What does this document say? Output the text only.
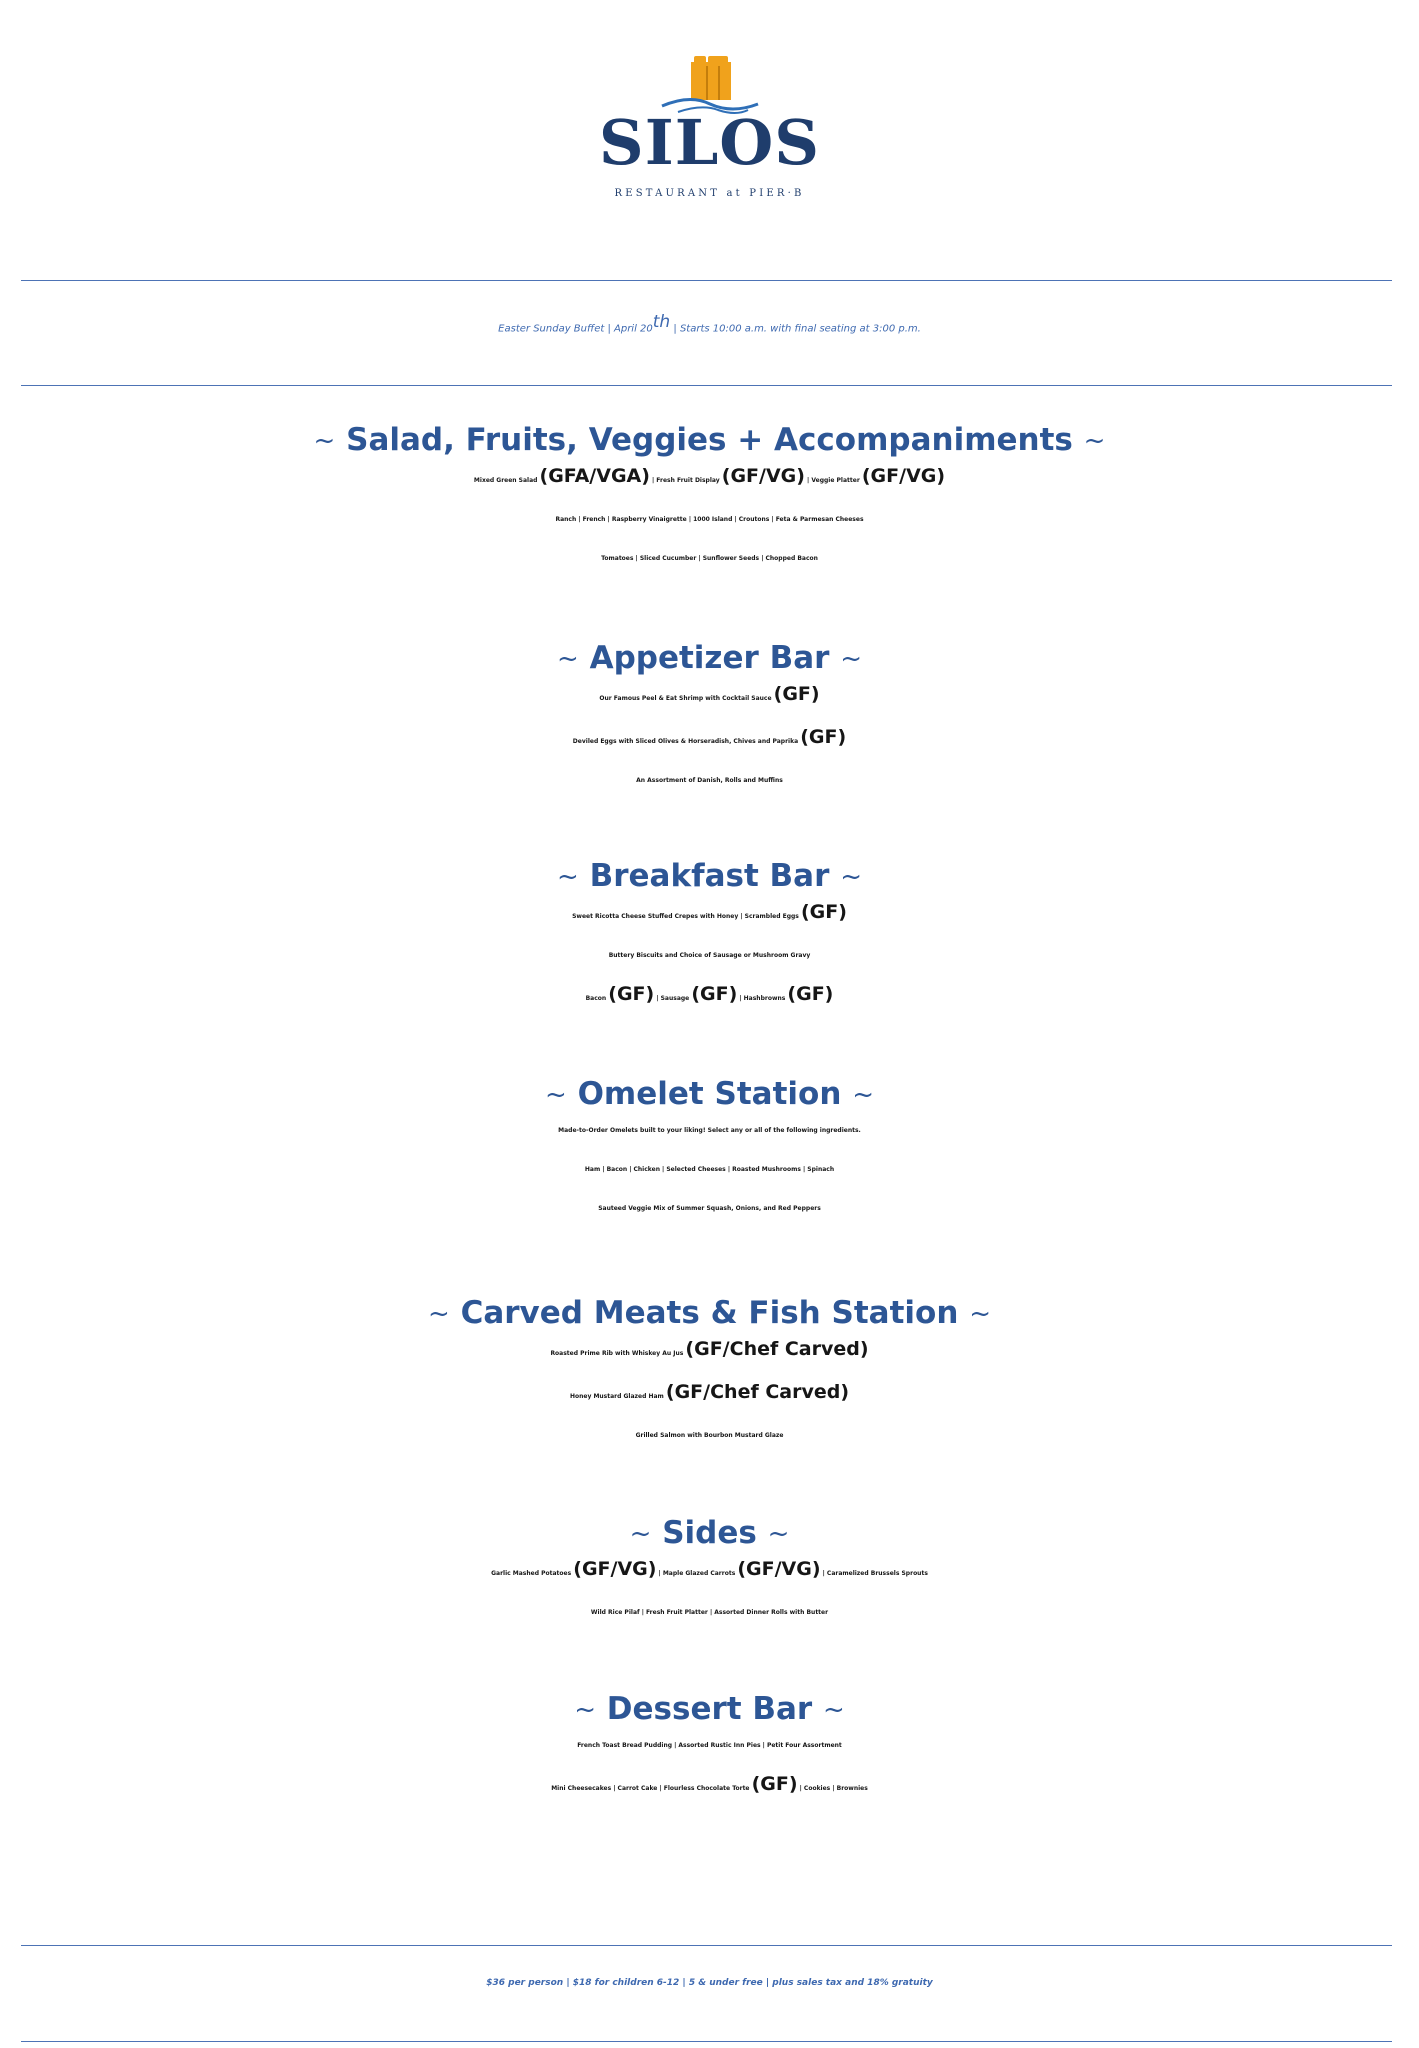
SILOS
RESTAURANT at PIER·B
Easter Sunday Buffet | April 20th | Starts 10:00 a.m. with final seating at 3:00 p.m.
~ Salad, Fruits, Veggies + Accompaniments ~
Mixed Green Salad (GFA/VGA) | Fresh Fruit Display (GF/VG) | Veggie Platter (GF/VG)
Ranch | French | Raspberry Vinaigrette | 1000 Island | Croutons | Feta & Parmesan Cheeses
Tomatoes | Sliced Cucumber | Sunflower Seeds | Chopped Bacon
~ Appetizer Bar ~
Our Famous Peel & Eat Shrimp with Cocktail Sauce (GF)
Deviled Eggs with Sliced Olives & Horseradish, Chives and Paprika (GF)
An Assortment of Danish, Rolls and Muffins
~ Breakfast Bar ~
Sweet Ricotta Cheese Stuffed Crepes with Honey | Scrambled Eggs (GF)
Buttery Biscuits and Choice of Sausage or Mushroom Gravy
Bacon (GF) | Sausage (GF) | Hashbrowns (GF)
~ Omelet Station ~
Made-to-Order Omelets built to your liking! Select any or all of the following ingredients.
Ham | Bacon | Chicken | Selected Cheeses | Roasted Mushrooms | Spinach
Sauteed Veggie Mix of Summer Squash, Onions, and Red Peppers
~ Carved Meats & Fish Station ~
Roasted Prime Rib with Whiskey Au Jus (GF/Chef Carved)
Honey Mustard Glazed Ham (GF/Chef Carved)
Grilled Salmon with Bourbon Mustard Glaze
~ Sides ~
Garlic Mashed Potatoes (GF/VG) | Maple Glazed Carrots (GF/VG) | Caramelized Brussels Sprouts
Wild Rice Pilaf | Fresh Fruit Platter | Assorted Dinner Rolls with Butter
~ Dessert Bar ~
French Toast Bread Pudding | Assorted Rustic Inn Pies | Petit Four Assortment
Mini Cheesecakes | Carrot Cake | Flourless Chocolate Torte (GF) | Cookies | Brownies
$36 per person | $18 for children 6-12 | 5 & under free | plus sales tax and 18% gratuity
